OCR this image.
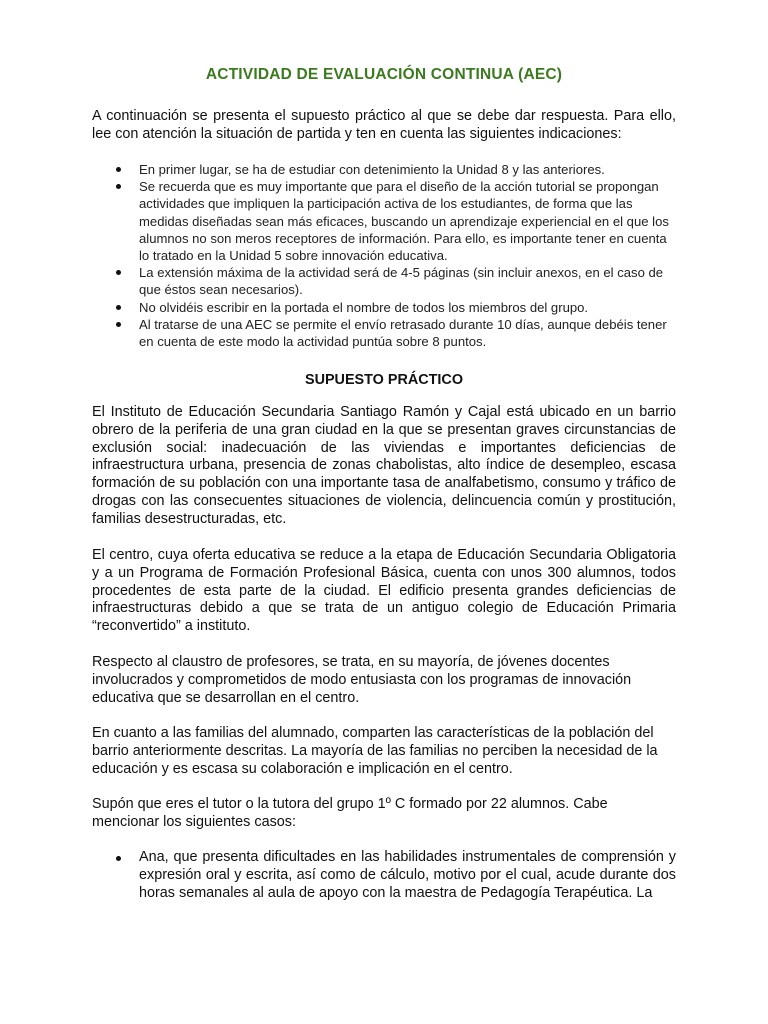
ACTIVIDAD DE EVALUACIÓN CONTINUA (AEC)

A continuación se presenta el supuesto práctico al que se debe dar respuesta. Para ello, lee con atención la situación de partida y ten en cuenta las siguientes indicaciones:

En primer lugar, se ha de estudiar con detenimiento la Unidad 8 y las anteriores.
Se recuerda que es muy importante que para el diseño de la acción tutorial se propongan actividades que impliquen la participación activa de los estudiantes, de forma que las medidas diseñadas sean más eficaces, buscando un aprendizaje experiencial en el que los alumnos no son meros receptores de información. Para ello, es importante tener en cuenta lo tratado en la Unidad 5 sobre innovación educativa.
La extensión máxima de la actividad será de 4-5 páginas (sin incluir anexos, en el caso de que éstos sean necesarios).
No olvidéis escribir en la portada el nombre de todos los miembros del grupo.
Al tratarse de una AEC se permite el envío retrasado durante 10 días, aunque debéis tener en cuenta de este modo la actividad puntúa sobre 8 puntos.
SUPUESTO PRÁCTICO

El Instituto de Educación Secundaria Santiago Ramón y Cajal está ubicado en un barrio obrero de la periferia de una gran ciudad en la que se presentan graves circunstancias de exclusión social: inadecuación de las viviendas e importantes deficiencias de infraestructura urbana, presencia de zonas chabolistas, alto índice de desempleo, escasa formación de su población con una importante tasa de analfabetismo, consumo y tráfico de drogas con las consecuentes situaciones de violencia, delincuencia común y prostitución, familias desestructuradas, etc.

El centro, cuya oferta educativa se reduce a la etapa de Educación Secundaria Obligatoria y a un Programa de Formación Profesional Básica, cuenta con unos 300 alumnos, todos procedentes de esta parte de la ciudad. El edificio presenta grandes deficiencias de infraestructuras debido a que se trata de un antiguo colegio de Educación Primaria “reconvertido” a instituto.

Respecto al claustro de profesores, se trata, en su mayoría, de jóvenes docentes involucrados y comprometidos de modo entusiasta con los programas de innovación educativa que se desarrollan en el centro.

En cuanto a las familias del alumnado, comparten las características de la población del barrio anteriormente descritas. La mayoría de las familias no perciben la necesidad de la educación y es escasa su colaboración e implicación en el centro.

Supón que eres el tutor o la tutora del grupo 1º C formado por 22 alumnos. Cabe mencionar los siguientes casos:

Ana, que presenta dificultades en las habilidades instrumentales de comprensión y expresión oral y escrita, así como de cálculo, motivo por el cual, acude durante dos horas semanales al aula de apoyo con la maestra de Pedagogía Terapéutica. La
